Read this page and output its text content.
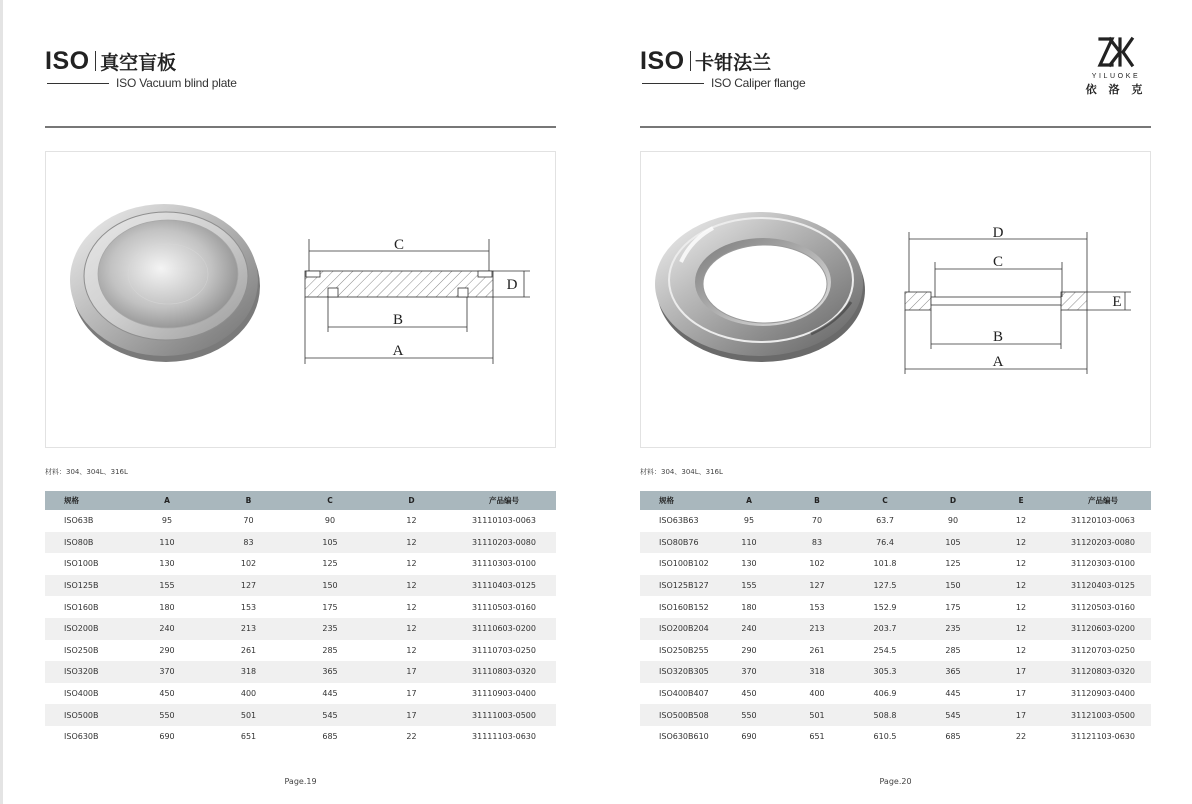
ISO 真空盲板
ISO Vacuum blind plate
C
B
A
D
材料：304、304L、316L
规格	A	B	C	D	产品编号
ISO63B	95	70	90	12	31110103-0063
ISO80B	110	83	105	12	31110203-0080
ISO100B	130	102	125	12	31110303-0100
ISO125B	155	127	150	12	31110403-0125
ISO160B	180	153	175	12	31110503-0160
ISO200B	240	213	235	12	31110603-0200
ISO250B	290	261	285	12	31110703-0250
ISO320B	370	318	365	17	31110803-0320
ISO400B	450	400	445	17	31110903-0400
ISO500B	550	501	545	17	31111003-0500
ISO630B	690	651	685	22	31111103-0630
Page.19
ISO 卡钳法兰
ISO Caliper flange
D
C
B
A
E
材料：304、304L、316L
规格	A	B	C	D	E	产品编号
ISO63B63	95	70	63.7	90	12	31120103-0063
ISO80B76	110	83	76.4	105	12	31120203-0080
ISO100B102	130	102	101.8	125	12	31120303-0100
ISO125B127	155	127	127.5	150	12	31120403-0125
ISO160B152	180	153	152.9	175	12	31120503-0160
ISO200B204	240	213	203.7	235	12	31120603-0200
ISO250B255	290	261	254.5	285	12	31120703-0250
ISO320B305	370	318	305.3	365	17	31120803-0320
ISO400B407	450	400	406.9	445	17	31120903-0400
ISO500B508	550	501	508.8	545	17	31121003-0500
ISO630B610	690	651	610.5	685	22	31121103-0630
Page.20
YILUOKE
依 洛 克
